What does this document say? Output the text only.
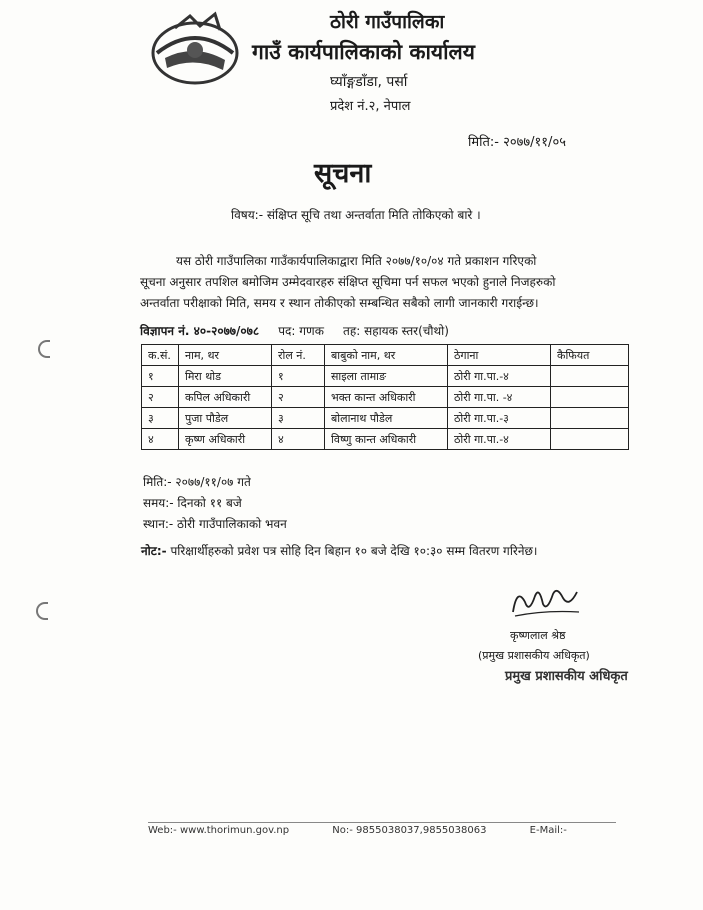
ठोरी गाउँपालिका
गाउँ कार्यपालिकाको कार्यालय
घ्याँङ्गडाँडा, पर्सा
प्रदेश नं.२, नेपाल
मिति:- २०७७/११/०५
सूचना
विषय:- संक्षिप्त सूचि तथा अन्तर्वाता मिति तोकिएको बारे ।
यस ठोरी गाउँपालिका गाउँकार्यपालिकाद्वारा मिति २०७७/१०/०४ गते प्रकाशन गरिएको
सूचना अनुसार तपशिल बमोजिम उम्मेदवारहरु संक्षिप्त सूचिमा पर्न सफल भएको हुनाले निजहरुको
अन्तर्वाता परीक्षाको मिति, समय र स्थान तोकीएको सम्बन्धित सबैको लागी जानकारी गराईन्छ।
विज्ञापन नं. ४०-२०७७/०७८ पद: गणक तह: सहायक स्तर(चौथो)
क.सं.	नाम, थर	रोल नं.	बाबुको नाम, थर	ठेगाना	कैफियत
१	मिरा थोड	१	साइला तामाङ	ठोरी गा.पा.-४	
२	कपिल अधिकारी	२	भक्त कान्त अधिकारी	ठोरी गा.पा. -४	
३	पुजा पौडेल	३	बोलानाथ पौडेल	ठोरी गा.पा.-३	
४	कृष्ण अधिकारी	४	विष्णु कान्त अधिकारी	ठोरी गा.पा.-४	
मिति:- २०७७/११/०७ गते
समय:- दिनको ११ बजे
स्थान:- ठोरी गाउँपालिकाको भवन
नोट:- परिक्षार्थीहरुको प्रवेश पत्र सोहि दिन बिहान १० बजे देखि १०:३० सम्म वितरण गरिनेछ।
कृष्णलाल श्रेष्ठ
(प्रमुख प्रशासकीय अधिकृत)
प्रमुख प्रशासकीय अधिकृत
Web:- www.thorimun.gov.np	No:- 9855038037,9855038063	E-Mail:-
